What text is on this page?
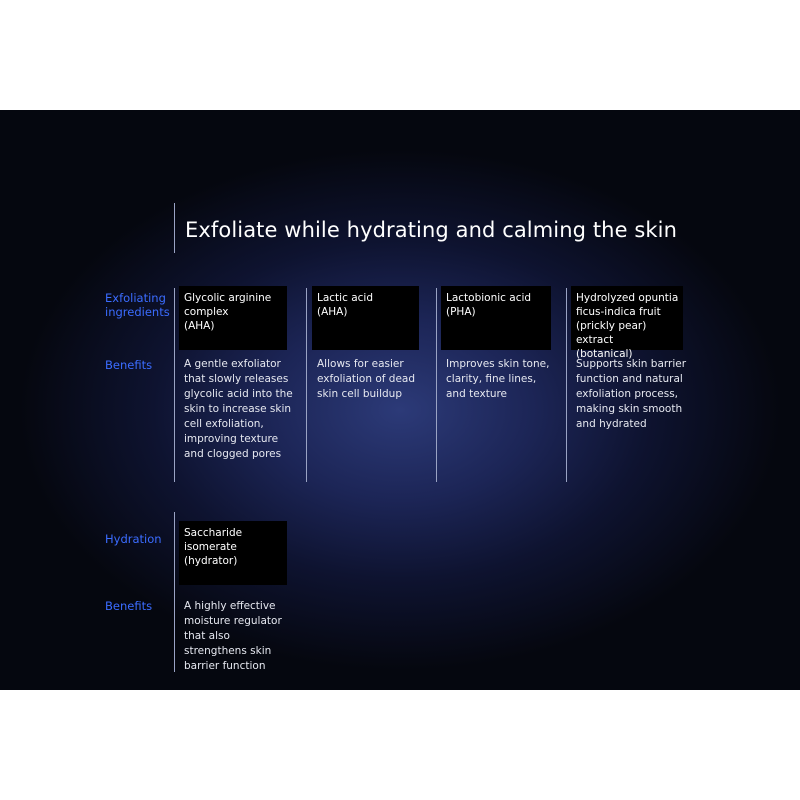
Exfoliate while hydrating and calming the skin
Exfoliating ingredients
Benefits
Hydration
Benefits
Glycolic arginine complex
(AHA)
Lactic acid
(AHA)
Lactobionic acid
(PHA)
Hydrolyzed opuntia ficus-indica fruit (prickly pear) extract
(botanical)
A gentle exfoliator that slowly releases glycolic acid into the skin to increase skin cell exfoliation, improving texture and clogged pores
Allows for easier exfoliation of dead skin cell buildup
Improves skin tone, clarity, fine lines, and texture
Supports skin barrier function and natural exfoliation process, making skin smooth and hydrated
Saccharide isomerate
(hydrator)
A highly effective moisture regulator that also strengthens skin barrier function
